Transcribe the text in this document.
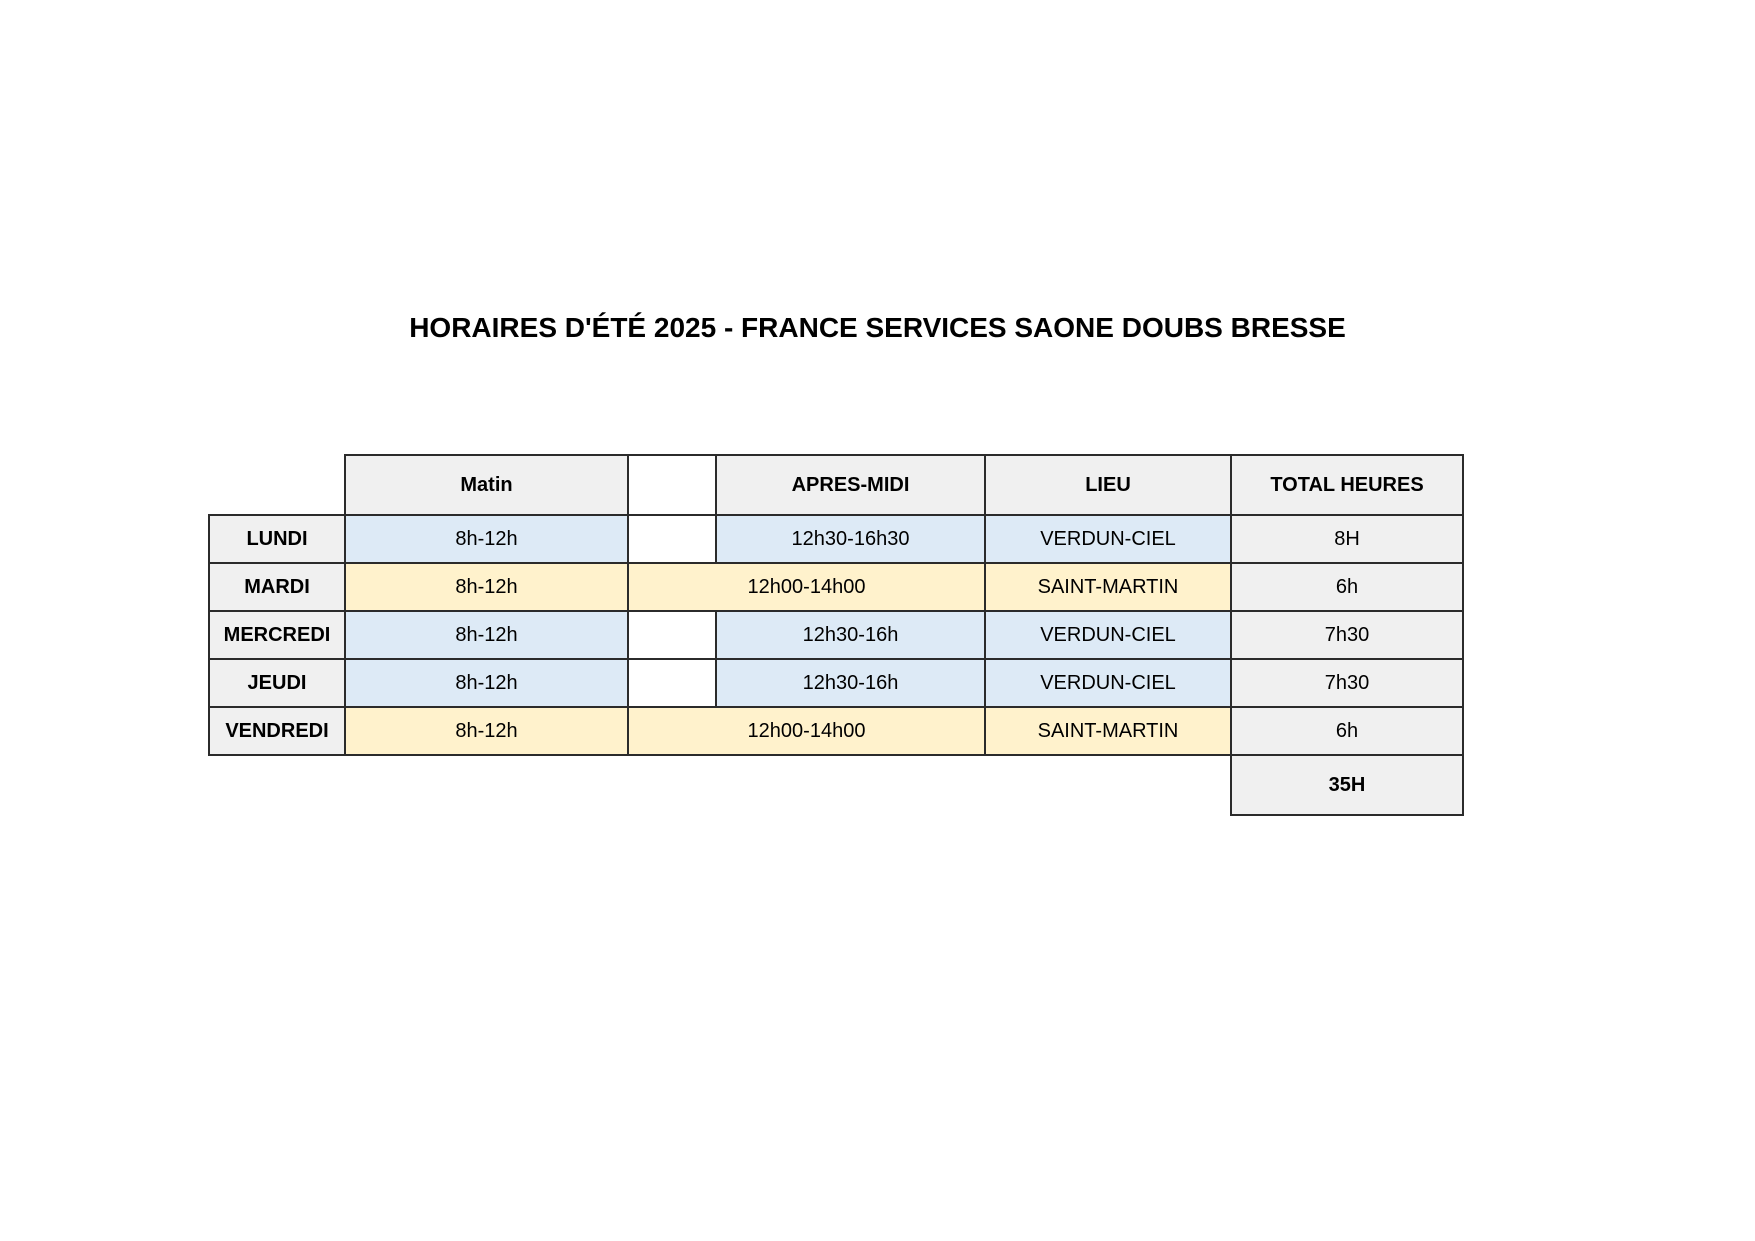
HORAIRES D'ÉTÉ 2025 - FRANCE SERVICES SAONE DOUBS BRESSE
	Matin		APRES-MIDI	LIEU	TOTAL HEURES
LUNDI	8h-12h		12h30-16h30	VERDUN-CIEL	8H
MARDI	8h-12h	12h00-14h00		SAINT-MARTIN	6h
MERCREDI	8h-12h		12h30-16h	VERDUN-CIEL	7h30
JEUDI	8h-12h		12h30-16h	VERDUN-CIEL	7h30
VENDREDI	8h-12h	12h00-14h00		SAINT-MARTIN	6h
					35H
